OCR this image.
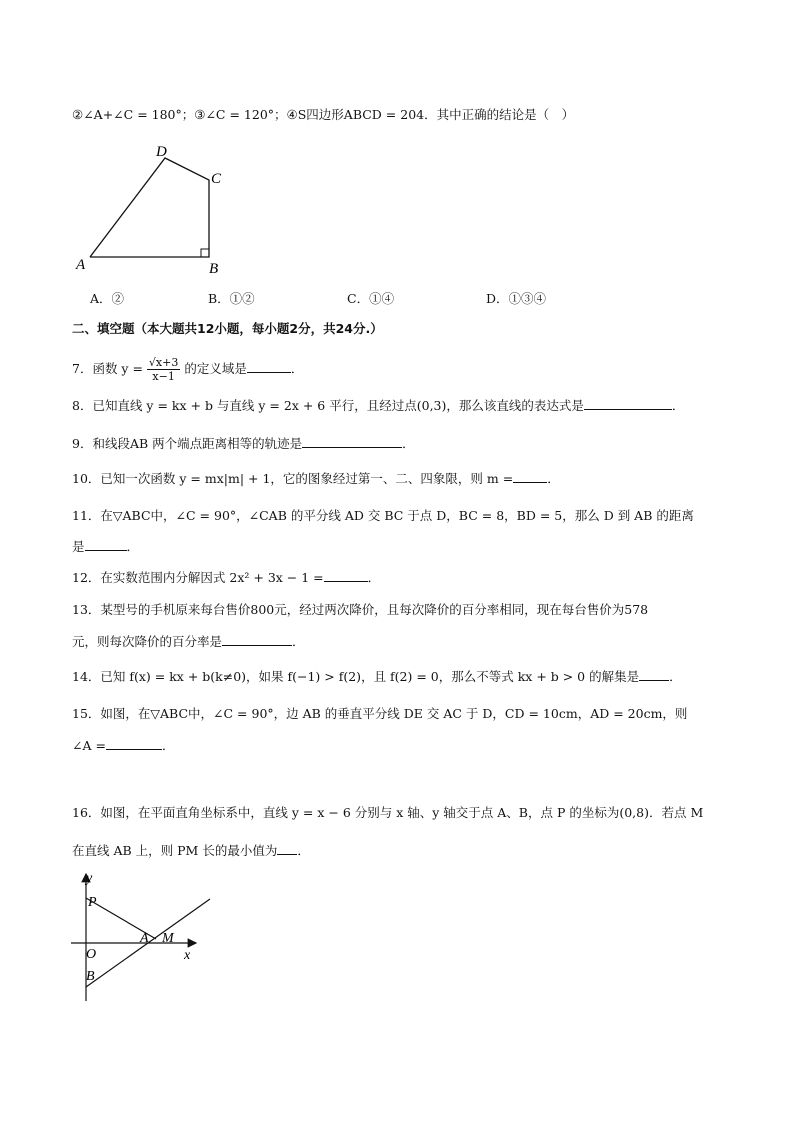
②∠A+∠C = 180°；③∠C = 120°；④S四边形ABCD = 204．其中正确的结论是（　）
D
C
A	B
A．②	B．①②	C．①④	D．①③④
二、填空题（本大题共12小题，每小题2分，共24分.）
7．函数 $y = \frac{√x+3}{x-1}$ 的定义域是	．
8．已知直线 y = kx + b 与直线 y = 2x + 6 平行，且经过点(0,3)，那么该直线的表达式是	．
9．和线段AB 两个端点距离相等的轨迹是	．
10．已知一次函数 y = mx|m| + 1，它的图象经过第一、二、四象限，则 m =	．
11．在▽ABC中，∠C = 90°，∠CAB 的平分线 AD 交 BC 于点 D，BC = 8，BD = 5，那么 D 到 AB 的距离
是	．
12．在实数范围内分解因式 2x² + 3x − 1 =	．
13．某型号的手机原来每台售价800元，经过两次降价，且每次降价的百分率相同，现在每台售价为578
元，则每次降价的百分率是	．
14．已知 f(x) = kx + b(k≠0)，如果 f(−1) > f(2)，且 f(2) = 0，那么不等式 kx + b > 0 的解集是 ．
15．如图，在▽ABC中，∠C = 90°，边 AB 的垂直平分线 DE 交 AC 于 D，CD = 10cm，AD = 20cm，则
∠A =	．
16．如图，在平面直角坐标系中，直线 y = x − 6 分别与 x 轴、y 轴交于点 A、B，点 P 的坐标为(0,8)．若点 M
在直线 AB 上，则 PM 长的最小值为 ．
y
P
A M
O	x
B
